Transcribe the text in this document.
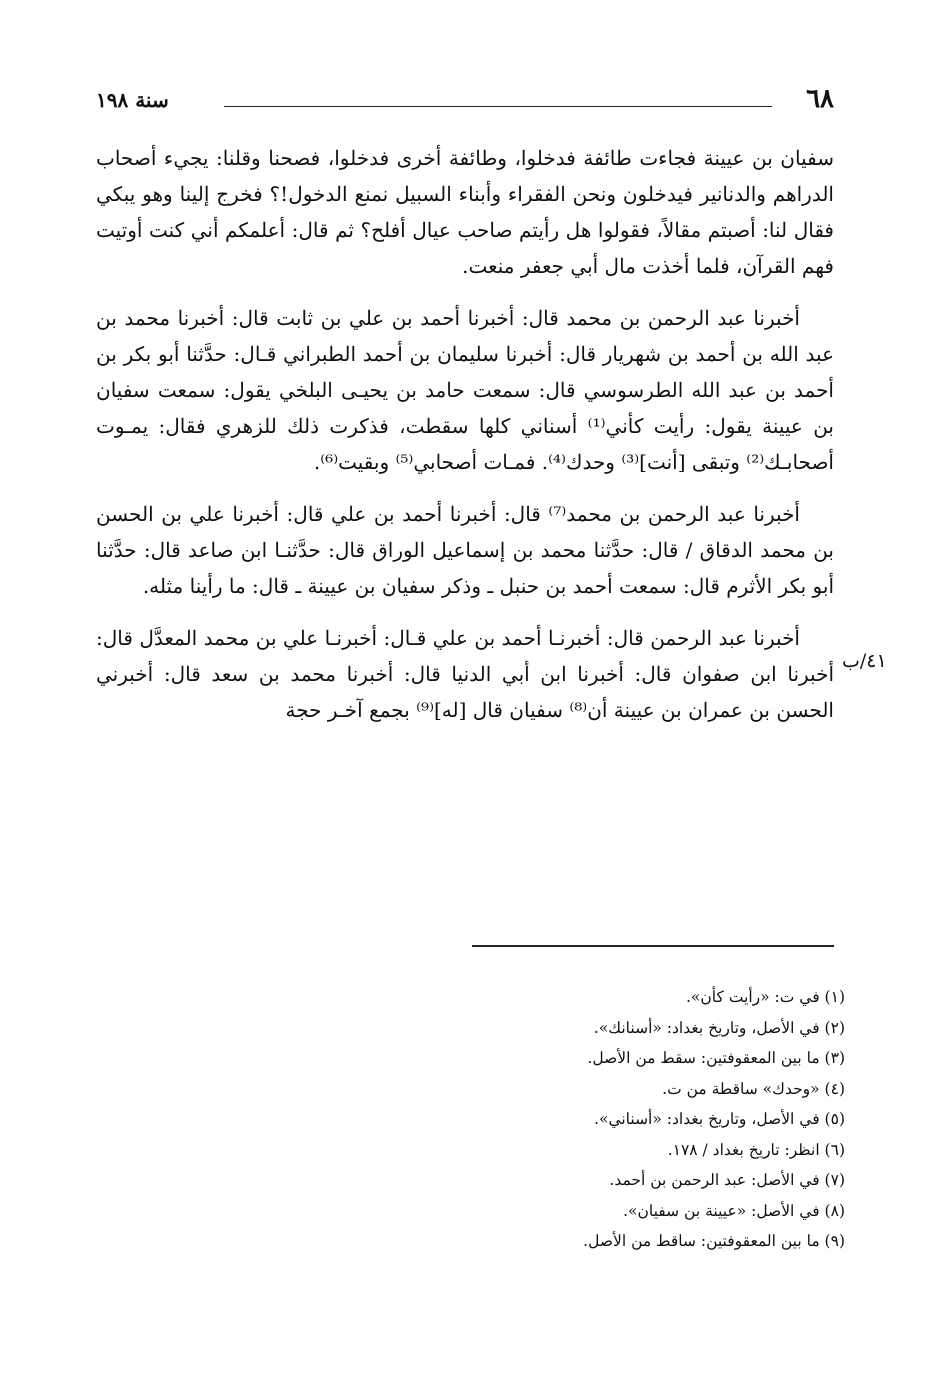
٦٨
سنة ١٩٨

سفيان بن عيينة فجاءت طائفة فدخلوا، وطائفة أخرى فدخلوا، فصحنا وقلنا: يجيء أصحاب الدراهم والدنانير فيدخلون ونحن الفقراء وأبناء السبيل نمنع الدخول!؟ فخرج إلينا وهو يبكي فقال لنا: أصبتم مقالاً، فقولوا هل رأيتم صاحب عيال أفلح؟ ثم قال: أعلمكم أني كنت أوتيت فهم القرآن، فلما أخذت مال أبي جعفر منعت.

أخبرنا عبد الرحمن بن محمد قال: أخبرنا أحمد بن علي بن ثابت قال: أخبرنا محمد بن عبد الله بن أحمد بن شهريار قال: أخبرنا سليمان بن أحمد الطبراني قـال: حدَّثنا أبو بكر بن أحمد بن عبد الله الطرسوسي قال: سمعت حامد بن يحيـى البلخي يقول: سمعت سفيان بن عيينة يقول: رأيت كأني⁽¹⁾ أسناني كلها سقطت، فذكرت ذلك للزهري فقال: يمـوت أصحابـك⁽²⁾ وتبقى [أنت]⁽³⁾ وحدك⁽⁴⁾. فمـات أصحابي⁽⁵⁾ وبقيت⁽⁶⁾.

أخبرنا عبد الرحمن بن محمد⁽⁷⁾ قال: أخبرنا أحمد بن علي قال: أخبرنا علي بن الحسن بن محمد الدقاق / قال: حدَّثنا محمد بن إسماعيل الوراق قال: حدَّثنـا ابن صاعد قال: حدَّثنا أبو بكر الأثرم قال: سمعت أحمد بن حنبل ـ وذكر سفيان بن عيينة ـ قال: ما رأينا مثله.

أخبرنا عبد الرحمن قال: أخبرنـا أحمد بن علي قـال: أخبرنـا علي بن محمد المعدَّل قال: أخبرنا ابن صفوان قال: أخبرنا ابن أبي الدنيا قال: أخبرنا محمد بن سعد قال: أخبرني الحسن بن عمران بن عيينة أن⁽⁸⁾ سفيان قال [له]⁽⁹⁾ بجمع آخـر حجة

٤١/ب
(١) في ت: «رأيت كأن».
(٢) في الأصل، وتاريخ بغداد: «أسنانك».
(٣) ما بين المعقوفتين: سقط من الأصل.
(٤) «وحدك» ساقطة من ت.
(٥) في الأصل، وتاريخ بغداد: «أسناني».
(٦) انظر: تاريخ بغداد / ١٧٨.
(٧) في الأصل: عبد الرحمن بن أحمد.
(٨) في الأصل: «عيينة بن سفيان».
(٩) ما بين المعقوفتين: ساقط من الأصل.
